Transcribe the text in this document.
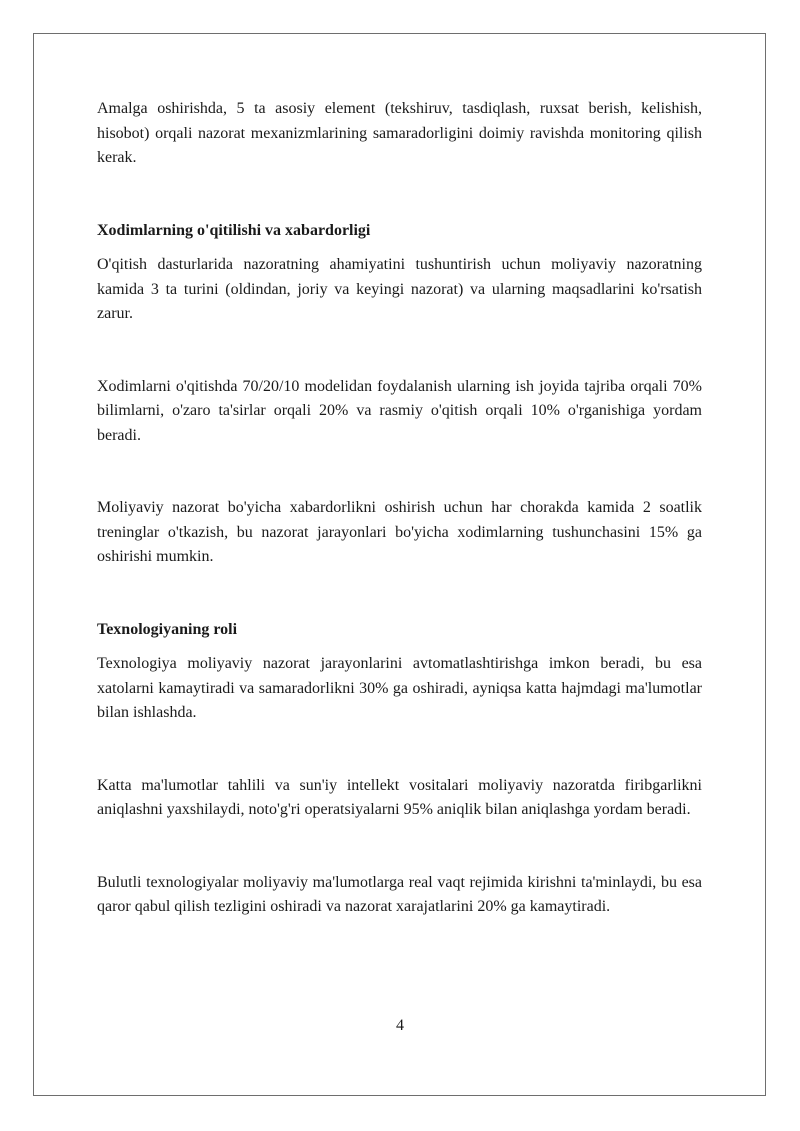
Amalga oshirishda, 5 ta asosiy element (tekshiruv, tasdiqlash, ruxsat berish, kelishish, hisobot) orqali nazorat mexanizmlarining samaradorligini doimiy ravishda monitoring qilish kerak.

Xodimlarning o'qitilishi va xabardorligi

O'qitish dasturlarida nazoratning ahamiyatini tushuntirish uchun moliyaviy nazoratning kamida 3 ta turini (oldindan, joriy va keyingi nazorat) va ularning maqsadlarini ko'rsatish zarur.

Xodimlarni o'qitishda 70/20/10 modelidan foydalanish ularning ish joyida tajriba orqali 70% bilimlarni, o'zaro ta'sirlar orqali 20% va rasmiy o'qitish orqali 10% o'rganishiga yordam beradi.

Moliyaviy nazorat bo'yicha xabardorlikni oshirish uchun har chorakda kamida 2 soatlik treninglar o'tkazish, bu nazorat jarayonlari bo'yicha xodimlarning tushunchasini 15% ga oshirishi mumkin.

Texnologiyaning roli

Texnologiya moliyaviy nazorat jarayonlarini avtomatlashtirishga imkon beradi, bu esa xatolarni kamaytiradi va samaradorlikni 30% ga oshiradi, ayniqsa katta hajmdagi ma'lumotlar bilan ishlashda.

Katta ma'lumotlar tahlili va sun'iy intellekt vositalari moliyaviy nazoratda firibgarlikni aniqlashni yaxshilaydi, noto'g'ri operatsiyalarni 95% aniqlik bilan aniqlashga yordam beradi.

Bulutli texnologiyalar moliyaviy ma'lumotlarga real vaqt rejimida kirishni ta'minlaydi, bu esa qaror qabul qilish tezligini oshiradi va nazorat xarajatlarini 20% ga kamaytiradi.

4
